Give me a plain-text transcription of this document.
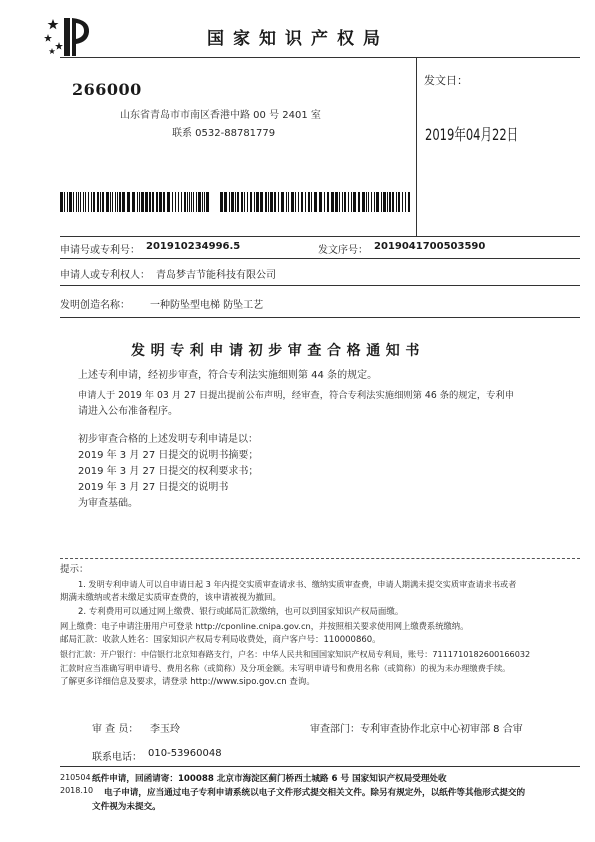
国家知识产权局
266000
山东省青岛市市南区香港中路 00 号 2401 室
联系 0532-88781779
发文日：
2019年04月22日
申请号或专利号： 201910234996.5	发文序号： 2019041700503590
申请人或专利权人： 青岛梦吉节能科技有限公司
发明创造名称： 一种防坠型电梯 防坠工艺
发明专利申请初步审查合格通知书
上述专利申请，经初步审查，符合专利法实施细则第 44 条的规定。
申请人于 2019 年 03 月 27 日提出提前公布声明，经审查，符合专利法实施细则第 46 条的规定，专利申
请进入公布准备程序。
初步审查合格的上述发明专利申请是以：
2019 年 3 月 27 日提交的说明书摘要；
2019 年 3 月 27 日提交的权利要求书；
2019 年 3 月 27 日提交的说明书
为审查基础。
提示：
1. 发明专利申请人可以自申请日起 3 年内提交实质审查请求书、缴纳实质审查费，申请人期满未提交实质审查请求书或者
期满未缴纳或者未缴足实质审查费的，该申请被视为撤回。
2. 专利费用可以通过网上缴费、银行或邮局汇款缴纳，也可以到国家知识产权局面缴。
网上缴费：电子申请注册用户可登录 http://cponline.cnipa.gov.cn，并按照相关要求使用网上缴费系统缴纳。
邮局汇款：收款人姓名：国家知识产权局专利局收费处，商户客户号：110000860。
银行汇款：开户银行：中信银行北京知春路支行，户名：中华人民共和国国家知识产权局专利局，账号：7111710182600166032
汇款时应当准确写明申请号、费用名称（或简称）及分项金额。未写明申请号和费用名称（或简称）的视为未办理缴费手续。
了解更多详细信息及要求，请登录 http://www.sipo.gov.cn 查询。
审 查 员： 李玉玲	审查部门：专利审查协作北京中心初审部 8 合审
联系电话： 010-53960048
210504
2018.10
纸件申请，回函请寄：100088 北京市海淀区蓟门桥西土城路 6 号 国家知识产权局受理处收
电子申请，应当通过电子专利申请系统以电子文件形式提交相关文件。除另有规定外，以纸件等其他形式提交的
文件视为未提交。
